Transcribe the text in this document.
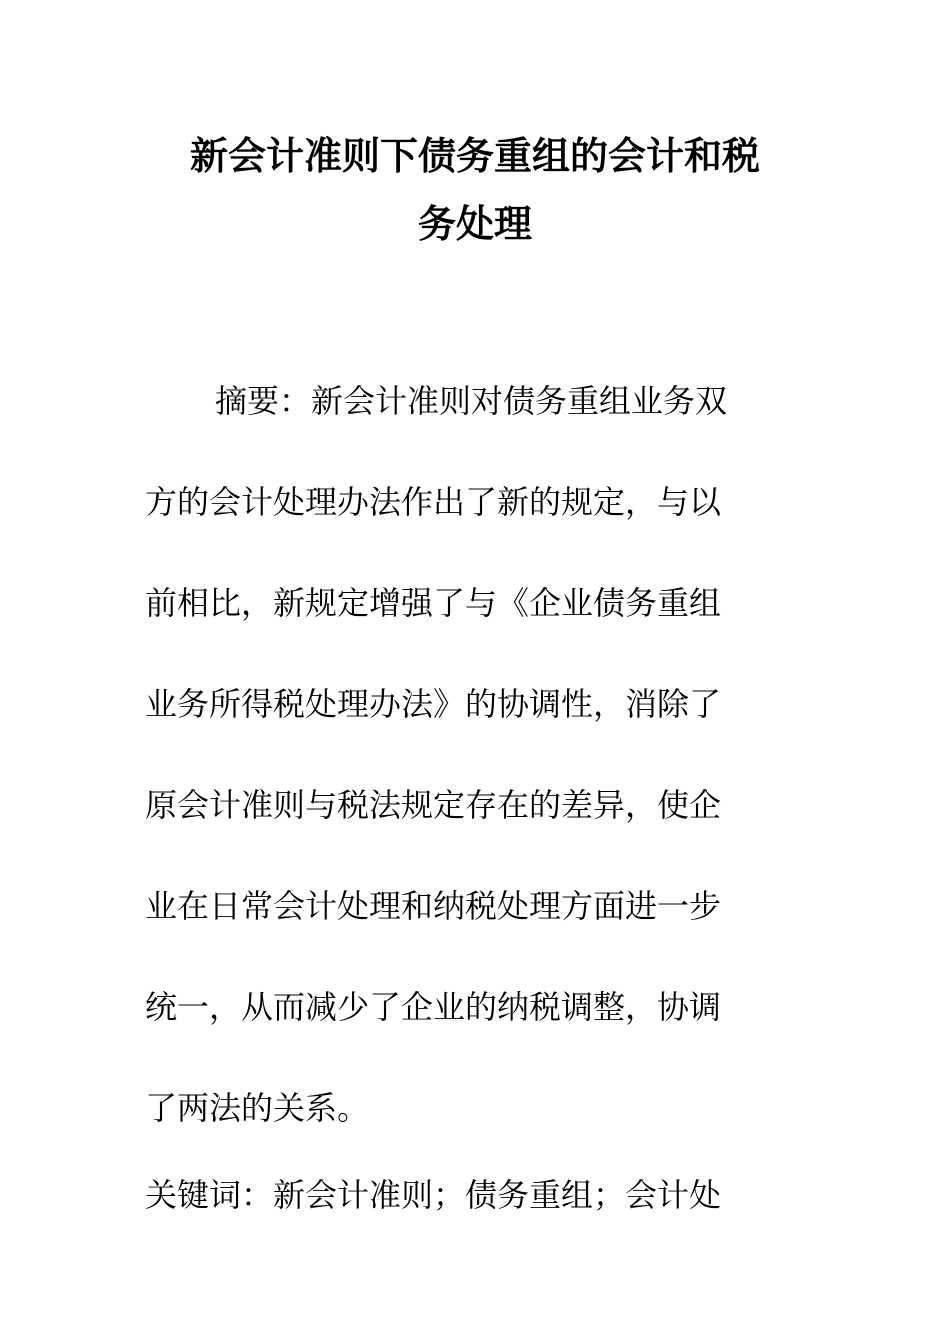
新会计准则下债务重组的会计和税
务处理
摘要：新会计准则对债务重组业务双
方的会计处理办法作出了新的规定，与以
前相比，新规定增强了与《企业债务重组
业务所得税处理办法》的协调性，消除了
原会计准则与税法规定存在的差异，使企
业在日常会计处理和纳税处理方面进一步
统一，从而减少了企业的纳税调整，协调
了两法的关系。

关键词：新会计准则；债务重组；会计处
